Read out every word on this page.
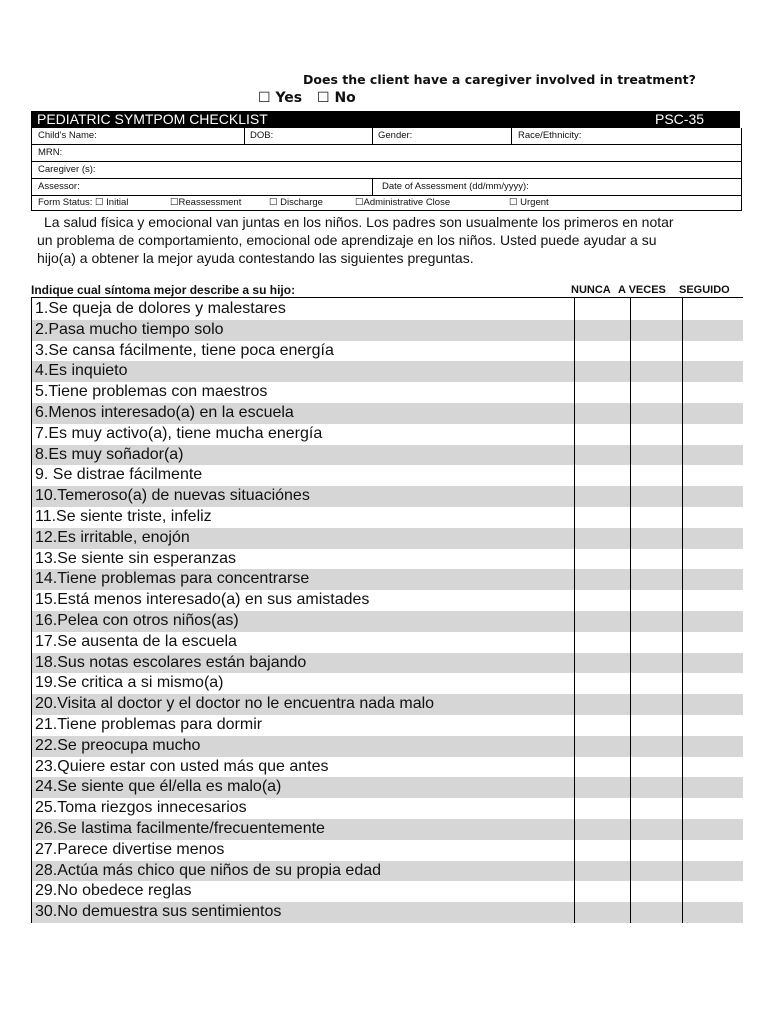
Does the client have a caregiver involved in treatment?
☐ Yes ☐ No
PEDIATRIC SYMTPOM CHECKLIST	PSC-35
Child's Name:	DOB:	Gender:	Race/Ethnicity:
MRN:
Caregiver (s):
Assessor:	Date of Assessment (dd/mm/yyyy):
Form Status: ☐ Initial	☐Reassessment	☐ Discharge	☐Administrative Close	☐ Urgent
La salud física y emocional van juntas en los niños. Los padres son usualmente los primeros en notar
un problema de comportamiento, emocional ode aprendizaje en los niños. Usted puede ayudar a su
hijo(a) a obtener la mejor ayuda contestando las siguientes preguntas.
Indique cual síntoma mejor describe a su hijo:	NUNCA A VECES SEGUIDO
1.Se queja de dolores y malestares
2.Pasa mucho tiempo solo
3.Se cansa fácilmente, tiene poca energía
4.Es inquieto
5.Tiene problemas con maestros
6.Menos interesado(a) en la escuela
7.Es muy activo(a), tiene mucha energía
8.Es muy soñador(a)
9. Se distrae fácilmente
10.Temeroso(a) de nuevas situaciónes
11.Se siente triste, infeliz
12.Es irritable, enojón
13.Se siente sin esperanzas
14.Tiene problemas para concentrarse
15.Está menos interesado(a) en sus amistades
16.Pelea con otros niños(as)
17.Se ausenta de la escuela
18.Sus notas escolares están bajando
19.Se critica a si mismo(a)
20.Visita al doctor y el doctor no le encuentra nada malo
21.Tiene problemas para dormir
22.Se preocupa mucho
23.Quiere estar con usted más que antes
24.Se siente que él/ella es malo(a)
25.Toma riezgos innecesarios
26.Se lastima facilmente/frecuentemente
27.Parece divertise menos
28.Actúa más chico que niños de su propia edad
29.No obedece reglas
30.No demuestra sus sentimientos
